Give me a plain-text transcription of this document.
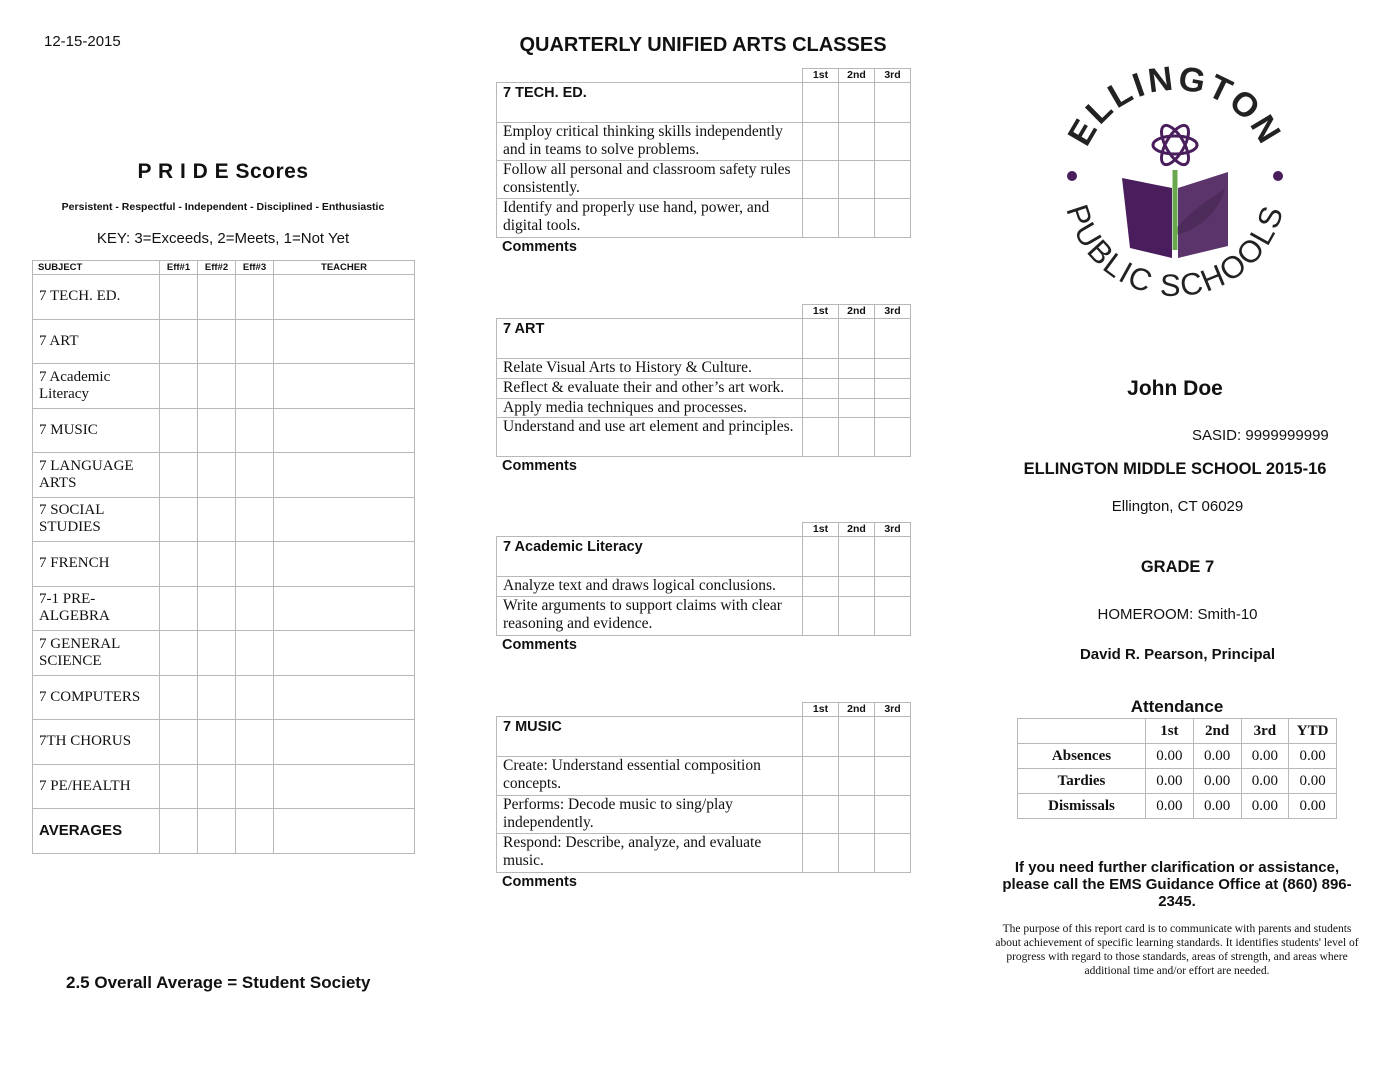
12-15-2015
P R I D E Scores
Persistent - Respectful - Independent - Disciplined - Enthusiastic
KEY: 3=Exceeds, 2=Meets, 1=Not Yet
SUBJECT	Eff#1	Eff#2	Eff#3	TEACHER
7 TECH. ED.				
7 ART				
7 Academic Literacy				
7 MUSIC				
7 LANGUAGE ARTS				
7 SOCIAL STUDIES				
7 FRENCH				
7-1 PRE-ALGEBRA				
7 GENERAL SCIENCE				
7 COMPUTERS				
7TH CHORUS				
7 PE/HEALTH				
AVERAGES				
2.5 Overall Average = Student Society
QUARTERLY UNIFIED ARTS CLASSES
	1st	2nd	3rd
7 TECH. ED.			
Employ critical thinking skills independently and in teams to solve problems.			
Follow all personal and classroom safety rules consistently.			
Identify and properly use hand, power, and digital tools.			
Comments
	1st	2nd	3rd
7 ART			
Relate Visual Arts to History & Culture.			
Reflect & evaluate their and other’s art work.			
Apply media techniques and processes.			
Understand and use art element and principles.			
Comments
	1st	2nd	3rd
7 Academic Literacy			
Analyze text and draws logical conclusions.			
Write arguments to support claims with clear reasoning and evidence.			
Comments
	1st	2nd	3rd
7 MUSIC			
Create: Understand essential composition concepts.			
Performs: Decode music to sing/play independently.			
Respond: Describe, analyze, and evaluate music.			
Comments
ELLINGTON
PUBLIC SCHOOLS
John Doe
SASID: 9999999999
ELLINGTON MIDDLE SCHOOL 2015-16
Ellington, CT 06029
GRADE 7
HOMEROOM: Smith-10
David R. Pearson, Principal
Attendance
	1st	2nd	3rd	YTD
Absences	0.00	0.00	0.00	0.00
Tardies	0.00	0.00	0.00	0.00
Dismissals	0.00	0.00	0.00	0.00
If you need further clarification or assistance, please call the EMS Guidance Office at (860) 896-2345.
The purpose of this report card is to communicate with parents and students about achievement of specific learning standards. It identifies students' level of progress with regard to those standards, areas of strength, and areas where additional time and/or effort are needed.
